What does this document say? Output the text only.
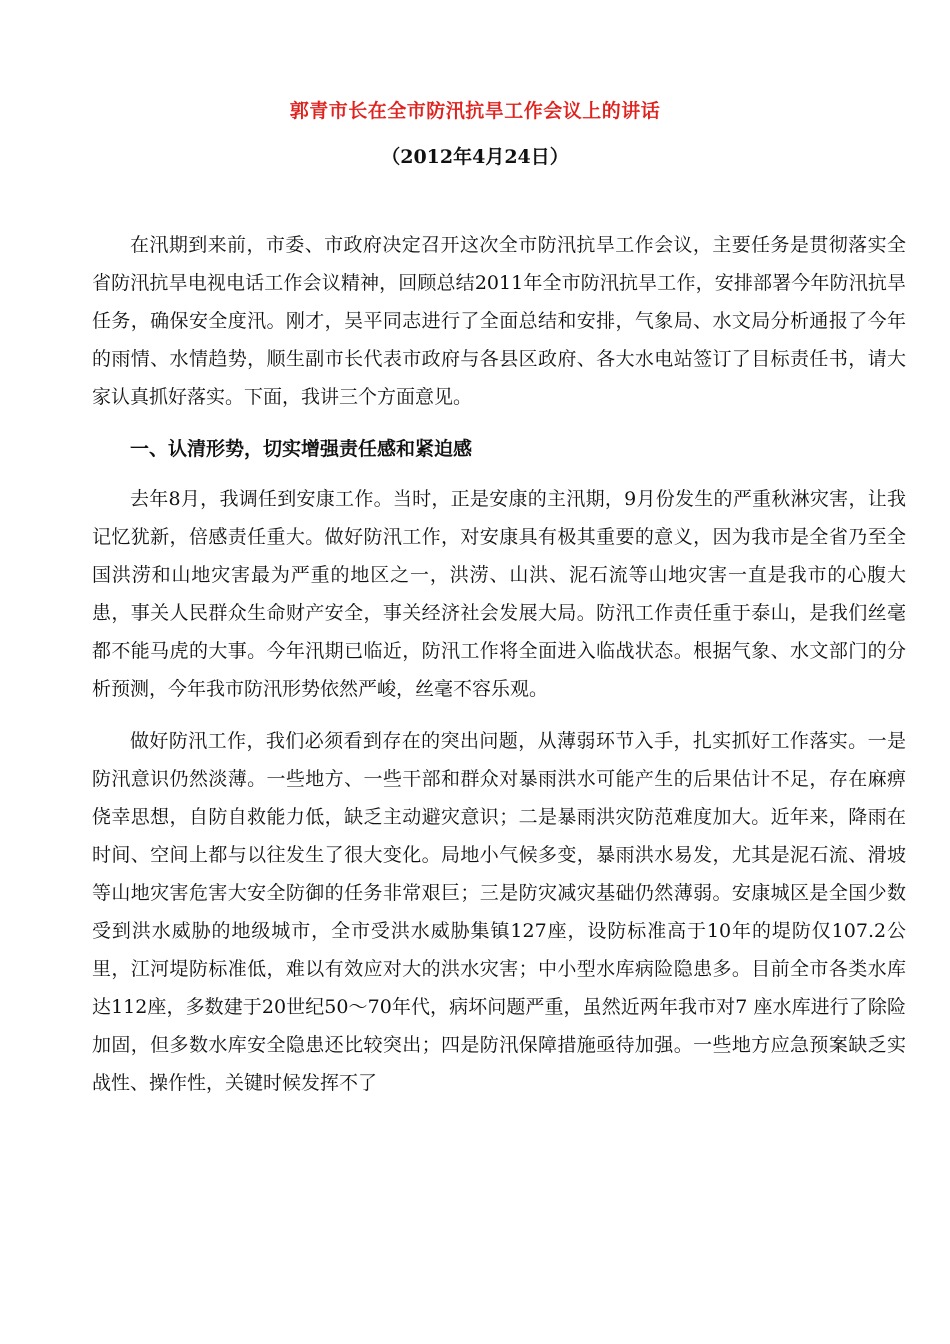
郭青市长在全市防汛抗旱工作会议上的讲话
（2012年4月24日）

在汛期到来前，市委、市政府决定召开这次全市防汛抗旱工作会议，主要任务是贯彻落实全省防汛抗旱电视电话工作会议精神，回顾总结2011年全市防汛抗旱工作，安排部署今年防汛抗旱任务，确保安全度汛。刚才，吴平同志进行了全面总结和安排，气象局、水文局分析通报了今年的雨情、水情趋势，顺生副市长代表市政府与各县区政府、各大水电站签订了目标责任书，请大家认真抓好落实。下面，我讲三个方面意见。

一、认清形势，切实增强责任感和紧迫感

去年8月，我调任到安康工作。当时，正是安康的主汛期，9月份发生的严重秋淋灾害，让我记忆犹新，倍感责任重大。做好防汛工作，对安康具有极其重要的意义，因为我市是全省乃至全国洪涝和山地灾害最为严重的地区之一，洪涝、山洪、泥石流等山地灾害一直是我市的心腹大患，事关人民群众生命财产安全，事关经济社会发展大局。防汛工作责任重于泰山，是我们丝毫都不能马虎的大事。今年汛期已临近，防汛工作将全面进入临战状态。根据气象、水文部门的分析预测，今年我市防汛形势依然严峻，丝毫不容乐观。

做好防汛工作，我们必须看到存在的突出问题，从薄弱环节入手，扎实抓好工作落实。一是防汛意识仍然淡薄。一些地方、一些干部和群众对暴雨洪水可能产生的后果估计不足，存在麻痹侥幸思想，自防自救能力低，缺乏主动避灾意识；二是暴雨洪灾防范难度加大。近年来，降雨在时间、空间上都与以往发生了很大变化。局地小气候多变，暴雨洪水易发，尤其是泥石流、滑坡等山地灾害危害大安全防御的任务非常艰巨；三是防灾减灾基础仍然薄弱。安康城区是全国少数受到洪水威胁的地级城市，全市受洪水威胁集镇127座，设防标准高于10年的堤防仅107.2公里，江河堤防标准低，难以有效应对大的洪水灾害；中小型水库病险隐患多。目前全市各类水库达112座，多数建于20世纪50～70年代，病坏问题严重，虽然近两年我市对7 座水库进行了除险加固，但多数水库安全隐患还比较突出；四是防汛保障措施亟待加强。一些地方应急预案缺乏实战性、操作性，关键时候发挥不了
